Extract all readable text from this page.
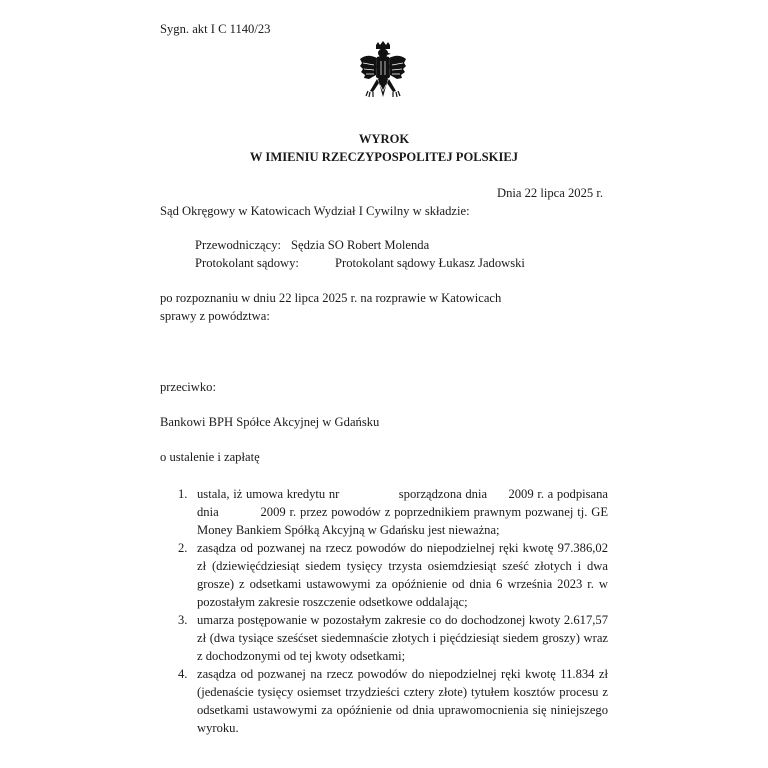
Sygn. akt I C 1140/23
WYROK
W IMIENIU RZECZYPOSPOLITEJ POLSKIEJ
Dnia 22 lipca 2025 r.
Sąd Okręgowy w Katowicach Wydział I Cywilny w składzie:
Przewodniczący: Sędzia SO Robert Molenda
Protokolant sądowy:	Protokolant sądowy Łukasz Jadowski
po rozpoznaniu w dniu 22 lipca 2025 r. na rozprawie w Katowicach
sprawy z powództwa:
przeciwko:
Bankowi BPH Spółce Akcyjnej w Gdańsku
o ustalenie i zapłatę
1. ustala, iż umowa kredytu nr	sporządzona dnia 2009 r. a podpisana dnia	2009 r. przez powodów z poprzednikiem prawnym pozwanej tj. GE Money Bankiem Spółką Akcyjną w Gdańsku jest nieważna;
2. zasądza od pozwanej na rzecz powodów do niepodzielnej ręki kwotę 97.386,02 zł (dziewięćdziesiąt siedem tysięcy trzysta osiemdziesiąt sześć złotych i dwa grosze) z odsetkami ustawowymi za opóźnienie od dnia 6 września 2023 r. w pozostałym zakresie roszczenie odsetkowe oddalając;
3. umarza postępowanie w pozostałym zakresie co do dochodzonej kwoty 2.617,57 zł (dwa tysiące sześćset siedemnaście złotych i pięćdziesiąt siedem groszy) wraz z dochodzonymi od tej kwoty odsetkami;
4. zasądza od pozwanej na rzecz powodów do niepodzielnej ręki kwotę 11.834 zł (jedenaście tysięcy osiemset trzydzieści cztery złote) tytułem kosztów procesu z odsetkami ustawowymi za opóźnienie od dnia uprawomocnienia się niniejszego wyroku.
